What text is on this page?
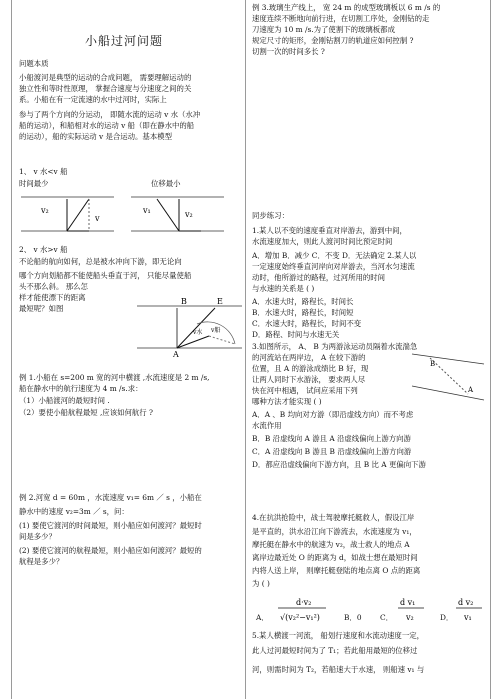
小船过河问题
问题本质
小船渡河是典型的运动的合成问题， 需要理解运动的
独立性和等时性原理， 掌握合速度与分速度之间的关
系。小船在有一定流速的水中过河时，实际上
参与了两个方向的分运动， 即随水流的运动 v 水（水冲
船的运动），和船相对水的运动 v 船（即在静水中的船
的运动），船的实际运动 v 是合运动。基本模型
1、 v 水<v 船
时间最少	位移最小
v₂
v
v₁	v₂
2、 v 水>v 船
不论船的航向如何，总是被水冲向下游，即无论向
哪个方向划船都不能使船头垂直于河， 只能尽量使船
头不那么斜。 那么怎
样才能使漂下的距离
最短呢？如图
B	E
A
v水 v船
例 1.小船在 s=200 m 宽的河中横渡 ,水流速度是 2 m /s,
船在静水中的航行速度为 4 m /s.求：
（1）小船渡河的最短时间 .
（2）要使小船航程最短 ,应该如何航行 ?
例 2.河宽 d = 60m ，水流速度 v₁= 6m ／ s ，小船在
静水中的速度 v₂=3m ／ s，问：
(1) 要使它渡河的时间最短，则小船应如何渡河？最短时
间是多少？
(2) 要使它渡河的航程最短，则小船应如何渡河？最短的
航程是多少？
例 3.玻璃生产线上， 宽 24 m 的成型玻璃板以 6 m /s 的
速度连续不断地向前行进，在切割工序处，金刚钻的走
刀速度为 10 m /s.为了使割下的玻璃板都成
规定尺寸的矩形，金刚钻割刀的轨道应如何控制 ?
切割一次的时间多长 ?
同步练习：
1.某人以不变的速度垂直对岸游去，游到中间，
水流速度加大，则此人渡河时间比预定时间
A．增加 B．减少 C．不变 D．无法确定 2.某人以
一定速度始终垂直河岸向对岸游去，当河水匀速流
动时，他所游过的路程，过河所用的时间
与水速的关系是 ( )
A．水速大时，路程长，时间长
B．水速大时，路程长，时间短
C．水速大时，路程长，时间不变
D．路程、时间与水速无关
3.如图所示， A、 B 为两游泳运动员隔着水流湍急
的河流站在两岸边， A 在较下游的
位置，且 A 的游泳成绩比 B 好，现
让两人同时下水游泳， 要求两人尽
快在河中相遇， 试问应采用下列
哪种方法才能实现 ( )
A．A 、B 均向对方游（即沿虚线方向）而不考虑
水流作用
B．B 沿虚线向 A 游且 A 沿虚线偏向上游方向游
C．A 沿虚线向 B 游且 B 沿虚线偏向上游方向游
D．都应沿虚线偏向下游方向，且 B 比 A 更偏向下游
B
A
4.在抗洪抢险中，战士驾驶摩托艇救人，假设江岸
是平直的，洪水沿江向下游流去，水流速度为 v₁，
摩托艇在静水中的航速为 v₂，战士救人的地点 A
离岸边最近处 O 的距离为 d，如战士想在最短时间
内将人送上岸， 则摩托艇登陆的地点离 O 点的距离
为 ( )
A．
d·v₂
√(v₂²−v₁²)	B．0 C．
d v₁
v₂	D．
d v₂
v₁
5.某人横渡一河流， 船划行速度和水流动速度一定，
此人过河最短时间为了 T₁；若此船用最短的位移过
河，则需时间为 T₂，若船速大于水速， 则船速 v₁ 与
